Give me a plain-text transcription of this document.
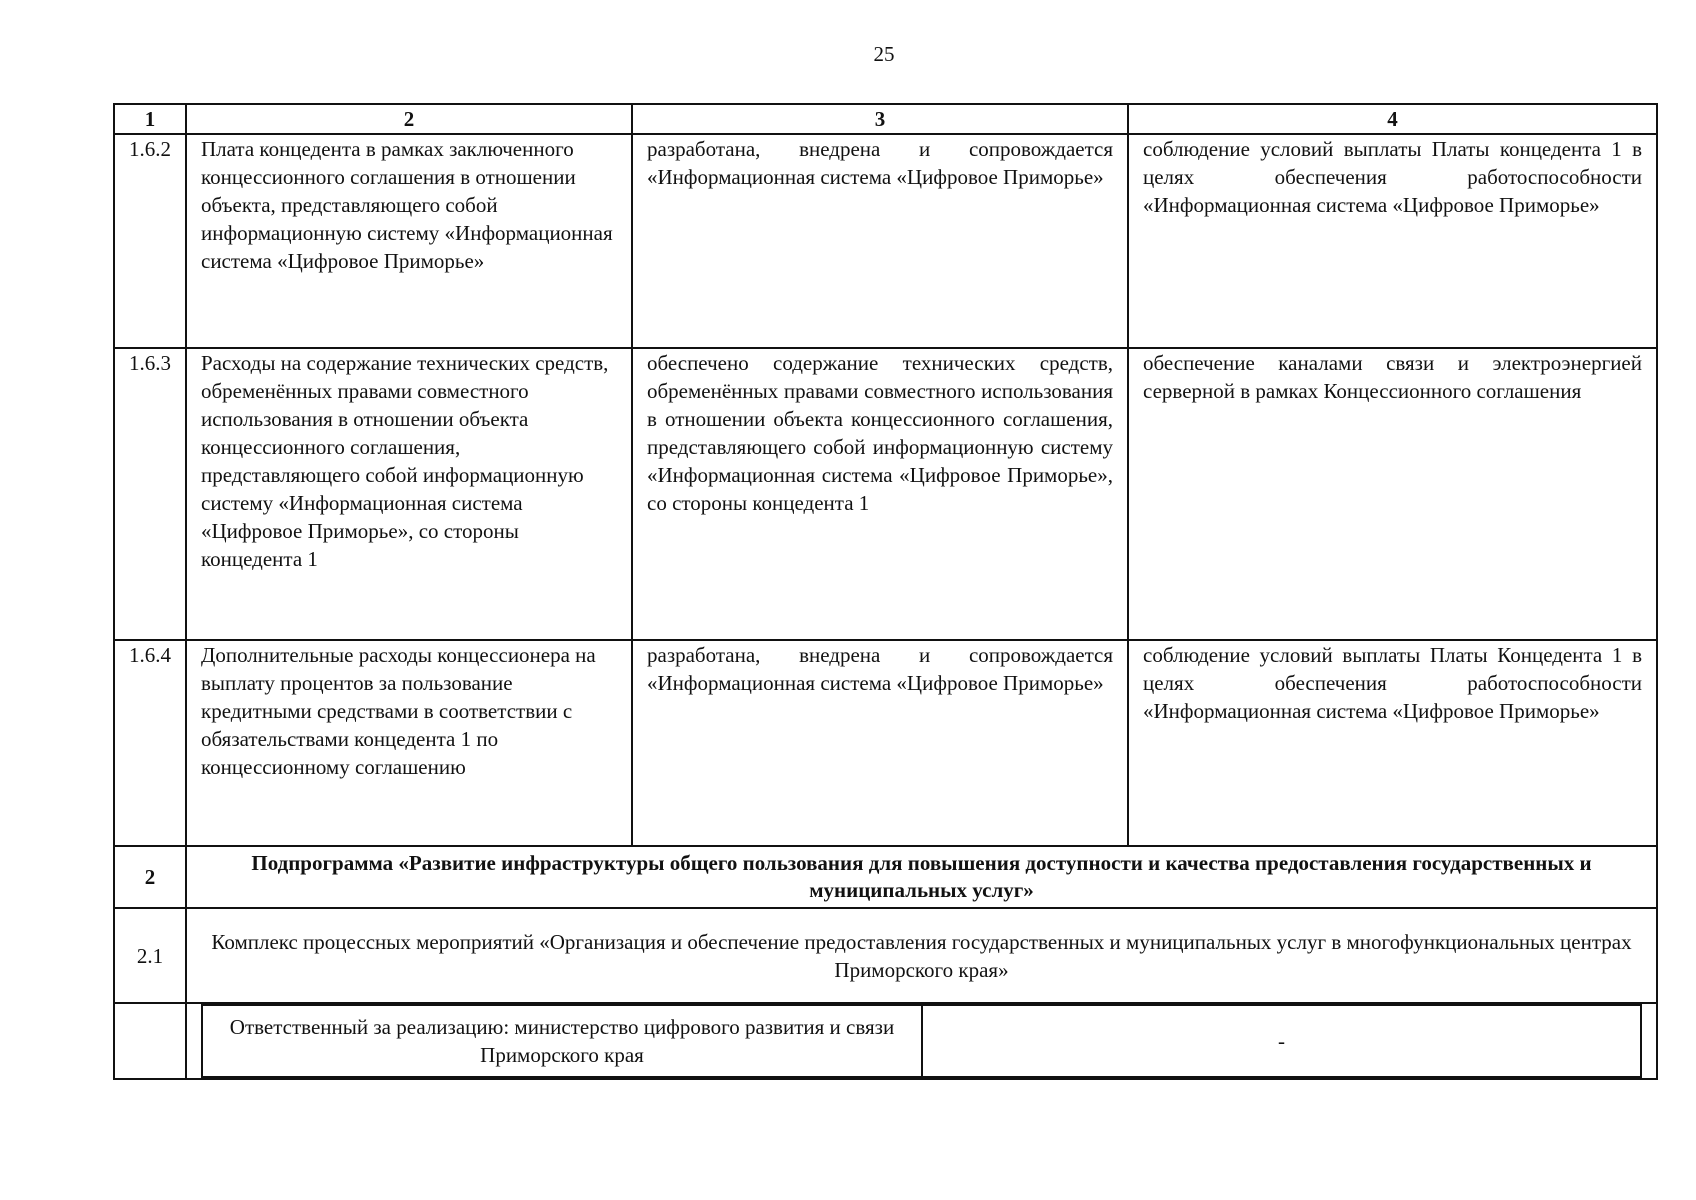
25
1	2	3	4
1.6.2	Плата концедента в рамках заключенного концессионного соглашения в отношении объекта, представляющего собой информационную систему «Информационная система «Цифровое Приморье»	разработана, внедрена и сопровождается «Информационная система «Цифровое Приморье»	соблюдение условий выплаты Платы концедента 1 в целях обеспечения работоспособности «Информационная система «Цифровое Приморье»
1.6.3	Расходы на содержание технических средств, обременённых правами совместного использования в отношении объекта концессионного соглашения, представляющего собой информационную систему «Информационная система «Цифровое Приморье», со стороны концедента 1	обеспечено содержание технических средств, обременённых правами совместного использования в отношении объекта концессионного соглашения, представляющего собой информационную систему «Информационная система «Цифровое Приморье», со стороны концедента 1	обеспечение каналами связи и электроэнергией серверной в рамках Концессионного соглашения
1.6.4	Дополнительные расходы концессионера на выплату процентов за пользование кредитными средствами в соответствии с обязательствами концедента 1 по концессионному соглашению	разработана, внедрена и сопровождается «Информационная система «Цифровое Приморье»	соблюдение условий выплаты Платы Концедента 1 в целях обеспечения работоспособности «Информационная система «Цифровое Приморье»
2	Подпрограмма «Развитие инфраструктуры общего пользования для повышения доступности и качества предоставления государственных и муниципальных услуг»
2.1	Комплекс процессных мероприятий «Организация и обеспечение предоставления государственных и муниципальных услуг в многофункциональных центрах Приморского края»

Ответственный за реализацию: министерство цифрового развития и связи Приморского края	-
